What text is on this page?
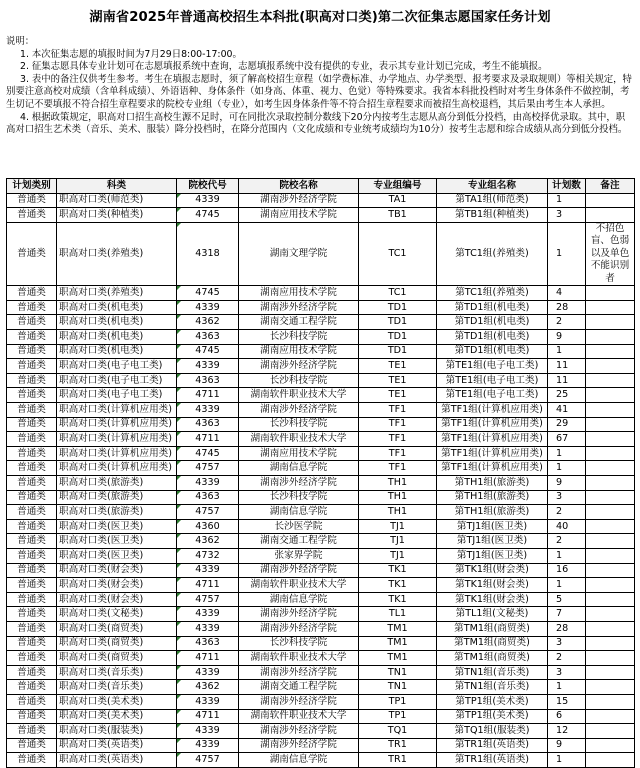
湖南省2025年普通高校招生本科批(职高对口类)第二次征集志愿国家任务计划

说明：

1. 本次征集志愿的填报时间为7月29日8:00-17:00。

2. 征集志愿具体专业计划可在志愿填报系统中查询，志愿填报系统中没有提供的专业，表示其专业计划已完成，考生不能填报。

3. 表中的备注仅供考生参考。考生在填报志愿时，须了解高校招生章程（如学费标准、办学地点、办学类型、报考要求及录取规则）等相关规定，特别要注意高校对成绩（含单科成绩）、外语语种、身体条件（如身高、体重、视力、色觉）等特殊要求。我省本科批投档时对考生身体条件不做控制，考生切记不要填报不符合招生章程要求的院校专业组（专业），如考生因身体条件等不符合招生章程要求而被招生高校退档，其后果由考生本人承担。

4. 根据政策规定，职高对口招生高校生源不足时，可在同批次录取控制分数线下20分内按考生志愿从高分到低分投档，由高校择优录取。其中，职高对口招生艺术类（音乐、美术、服装）降分投档时，在降分范围内（文化成绩和专业统考成绩均为10分）按考生志愿和综合成绩从高分到低分投档。

计划类别	科类	院校代号	院校名称	专业组编号	专业组名称	计划数	备注
普通类	职高对口类(师范类)	4339	湖南涉外经济学院	TA1	第TA1组(师范类)	1	
普通类	职高对口类(种植类)	4745	湖南应用技术学院	TB1	第TB1组(种植类)	3	
普通类	职高对口类(养殖类)	4318	湖南文理学院	TC1	第TC1组(养殖类)	1	不招色盲、色弱以及单色不能识别者
普通类	职高对口类(养殖类)	4745	湖南应用技术学院	TC1	第TC1组(养殖类)	4	
普通类	职高对口类(机电类)	4339	湖南涉外经济学院	TD1	第TD1组(机电类)	28	
普通类	职高对口类(机电类)	4362	湖南交通工程学院	TD1	第TD1组(机电类)	2	
普通类	职高对口类(机电类)	4363	长沙科技学院	TD1	第TD1组(机电类)	9	
普通类	职高对口类(机电类)	4745	湖南应用技术学院	TD1	第TD1组(机电类)	1	
普通类	职高对口类(电子电工类)	4339	湖南涉外经济学院	TE1	第TE1组(电子电工类)	11	
普通类	职高对口类(电子电工类)	4363	长沙科技学院	TE1	第TE1组(电子电工类)	11	
普通类	职高对口类(电子电工类)	4711	湖南软件职业技术大学	TE1	第TE1组(电子电工类)	25	
普通类	职高对口类(计算机应用类)	4339	湖南涉外经济学院	TF1	第TF1组(计算机应用类)	41	
普通类	职高对口类(计算机应用类)	4363	长沙科技学院	TF1	第TF1组(计算机应用类)	29	
普通类	职高对口类(计算机应用类)	4711	湖南软件职业技术大学	TF1	第TF1组(计算机应用类)	67	
普通类	职高对口类(计算机应用类)	4745	湖南应用技术学院	TF1	第TF1组(计算机应用类)	1	
普通类	职高对口类(计算机应用类)	4757	湖南信息学院	TF1	第TF1组(计算机应用类)	1	
普通类	职高对口类(旅游类)	4339	湖南涉外经济学院	TH1	第TH1组(旅游类)	9	
普通类	职高对口类(旅游类)	4363	长沙科技学院	TH1	第TH1组(旅游类)	3	
普通类	职高对口类(旅游类)	4757	湖南信息学院	TH1	第TH1组(旅游类)	2	
普通类	职高对口类(医卫类)	4360	长沙医学院	TJ1	第TJ1组(医卫类)	40	
普通类	职高对口类(医卫类)	4362	湖南交通工程学院	TJ1	第TJ1组(医卫类)	2	
普通类	职高对口类(医卫类)	4732	张家界学院	TJ1	第TJ1组(医卫类)	1	
普通类	职高对口类(财会类)	4339	湖南涉外经济学院	TK1	第TK1组(财会类)	16	
普通类	职高对口类(财会类)	4711	湖南软件职业技术大学	TK1	第TK1组(财会类)	1	
普通类	职高对口类(财会类)	4757	湖南信息学院	TK1	第TK1组(财会类)	5	
普通类	职高对口类(文秘类)	4339	湖南涉外经济学院	TL1	第TL1组(文秘类)	7	
普通类	职高对口类(商贸类)	4339	湖南涉外经济学院	TM1	第TM1组(商贸类)	28	
普通类	职高对口类(商贸类)	4363	长沙科技学院	TM1	第TM1组(商贸类)	3	
普通类	职高对口类(商贸类)	4711	湖南软件职业技术大学	TM1	第TM1组(商贸类)	2	
普通类	职高对口类(音乐类)	4339	湖南涉外经济学院	TN1	第TN1组(音乐类)	3	
普通类	职高对口类(音乐类)	4362	湖南交通工程学院	TN1	第TN1组(音乐类)	1	
普通类	职高对口类(美术类)	4339	湖南涉外经济学院	TP1	第TP1组(美术类)	15	
普通类	职高对口类(美术类)	4711	湖南软件职业技术大学	TP1	第TP1组(美术类)	6	
普通类	职高对口类(服装类)	4339	湖南涉外经济学院	TQ1	第TQ1组(服装类)	12	
普通类	职高对口类(英语类)	4339	湖南涉外经济学院	TR1	第TR1组(英语类)	9	
普通类	职高对口类(英语类)	4757	湖南信息学院	TR1	第TR1组(英语类)	1	
